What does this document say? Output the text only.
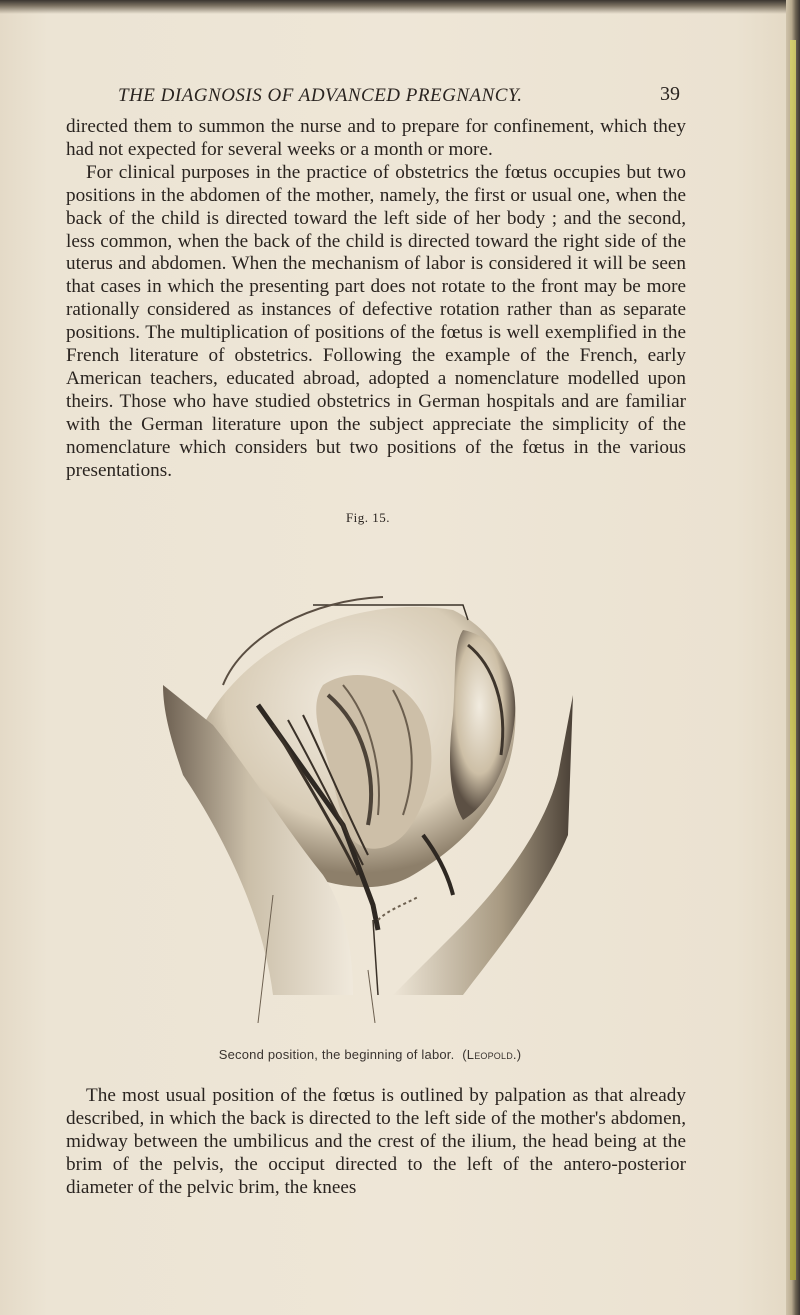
THE DIAGNOSIS OF ADVANCED PREGNANCY.	39

directed them to summon the nurse and to prepare for confinement, which they had not expected for several weeks or a month or more.

For clinical purposes in the practice of obstetrics the fœtus occupies but two positions in the abdomen of the mother, namely, the first or usual one, when the back of the child is directed toward the left side of her body ; and the second, less common, when the back of the child is directed toward the right side of the uterus and abdomen. When the mechanism of labor is considered it will be seen that cases in which the presenting part does not rotate to the front may be more rationally considered as instances of defective rotation rather than as separate positions. The multiplication of positions of the fœtus is well exemplified in the French literature of obstetrics. Following the example of the French, early American teachers, educated abroad, adopted a nomenclature modelled upon theirs. Those who have studied obstetrics in German hospitals and are familiar with the German literature upon the subject appreciate the simplicity of the nomenclature which considers but two positions of the fœtus in the various presentations.

Fig. 15.
Second position, the beginning of labor. (Leopold.)

The most usual position of the fœtus is outlined by palpation as that already described, in which the back is directed to the left side of the mother's abdomen, midway between the umbilicus and the crest of the ilium, the head being at the brim of the pelvis, the occiput directed to the left of the antero-posterior diameter of the pelvic brim, the knees
